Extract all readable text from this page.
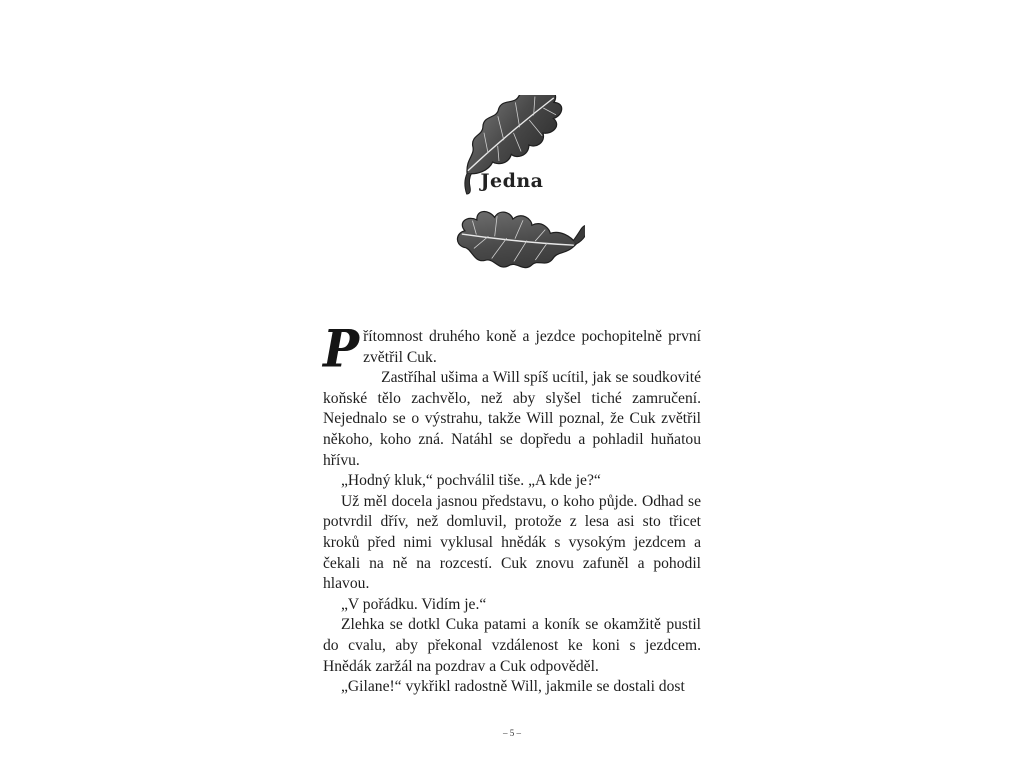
Jedna

Přítomnost druhého koně a jezdce pochopitelně první zvětřil Cuk.

Zastříhal ušima a Will spíš ucítil, jak se soudkovité koňské tělo zachvělo, než aby slyšel tiché zamručení. Nejednalo se o výstrahu, takže Will poznal, že Cuk zvětřil někoho, koho zná. Natáhl se dopředu a pohladil huňatou hřívu.

„Hodný kluk,“ pochválil tiše. „A kde je?“

Už měl docela jasnou představu, o koho půjde. Odhad se potvrdil dřív, než domluvil, protože z lesa asi sto třicet kroků před nimi vyklusal hnědák s vysokým jezdcem a čekali na ně na rozcestí. Cuk znovu zafuněl a pohodil hlavou.

„V pořádku. Vidím je.“

Zlehka se dotkl Cuka patami a koník se okamžitě pustil do cvalu, aby překonal vzdálenost ke koni s jezdcem. Hnědák zaržál na pozdrav a Cuk odpověděl.

„Gilane!“ vykřikl radostně Will, jakmile se dostali dost

– 5 –
